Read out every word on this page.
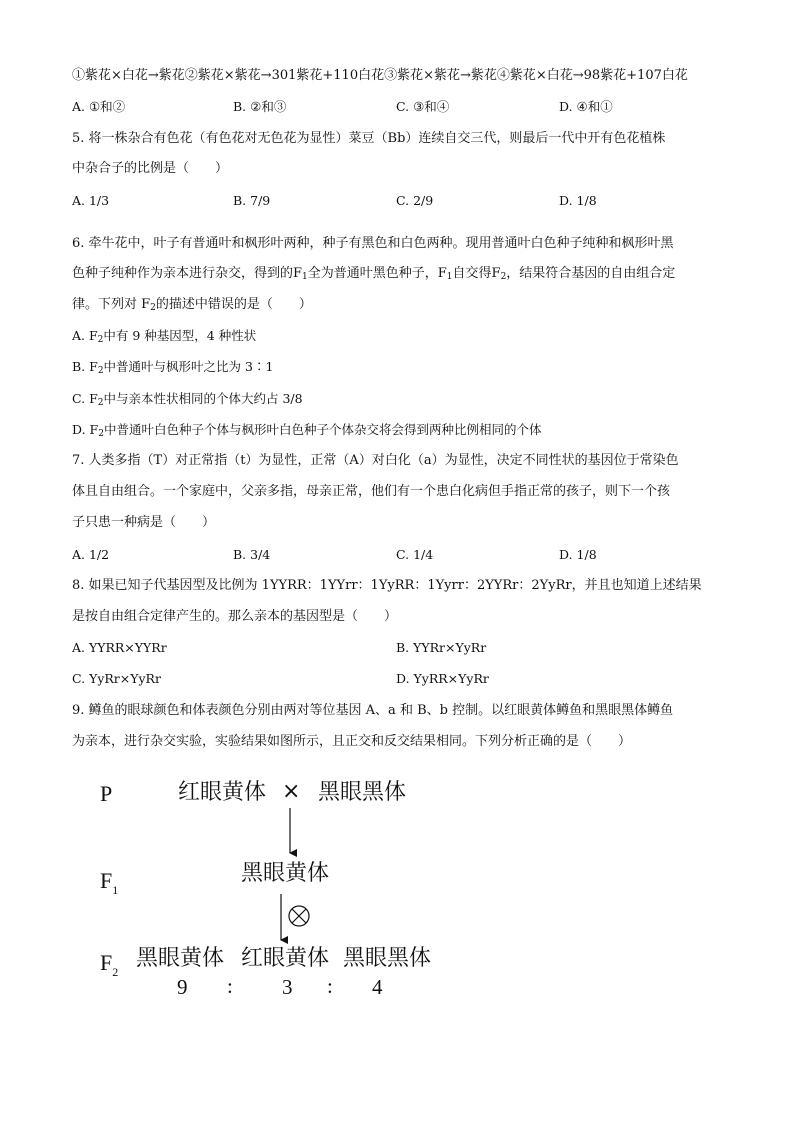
①紫花×白花→紫花②紫花×紫花→301紫花+110白花③紫花×紫花→紫花④紫花×白花→98紫花+107白花
A. ①和②	B. ②和③	C. ③和④	D. ④和①
5. 将一株杂合有色花（有色花对无色花为显性）菜豆（Bb）连续自交三代，则最后一代中开有色花植株
中杂合子的比例是（　　）
A. 1/3	B. 7/9	C. 2/9	D. 1/8
6. 牵牛花中，叶子有普通叶和枫形叶两种，种子有黑色和白色两种。现用普通叶白色种子纯种和枫形叶黑
色种子纯种作为亲本进行杂交，得到的$F_1$全为普通叶黑色种子，$F_1$自交得$F_2$，结果符合基因的自由组合定
律。下列对 $F_2$的描述中错误的是（　　）
A. $F_2$中有 9 种基因型，4 种性状
B. $F_2$中普通叶与枫形叶之比为 3∶1
C. $F_2$中与亲本性状相同的个体大约占 3/8
D. $F_2$中普通叶白色种子个体与枫形叶白色种子个体杂交将会得到两种比例相同的个体
7. 人类多指（T）对正常指（t）为显性，正常（A）对白化（a）为显性，决定不同性状的基因位于常染色
体且自由组合。一个家庭中，父亲多指，母亲正常，他们有一个患白化病但手指正常的孩子，则下一个孩
子只患一种病是（　　）
A. 1/2	B. 3/4	C. 1/4	D. 1/8
8. 如果已知子代基因型及比例为 1YYRR：1YYrr：1YyRR：1Yyrr：2YYRr：2YyRr，并且也知道上述结果
是按自由组合定律产生的。那么亲本的基因型是（　　）
A. YYRR×YYRr	B. YYRr×YyRr
C. YyRr×YyRr	D. YyRR×YyRr
9. 鳟鱼的眼球颜色和体表颜色分别由两对等位基因 A、a 和 B、b 控制。以红眼黄体鳟鱼和黑眼黑体鳟鱼
为亲本，进行杂交实验，实验结果如图所示，且正交和反交结果相同。下列分析正确的是（　　）
P	红眼黄体 × 黑眼黑体
$F_1$
黑眼黄体
$F_2$
黑眼黄体 红眼黄体 黑眼黑体
9 : 3 : 4
